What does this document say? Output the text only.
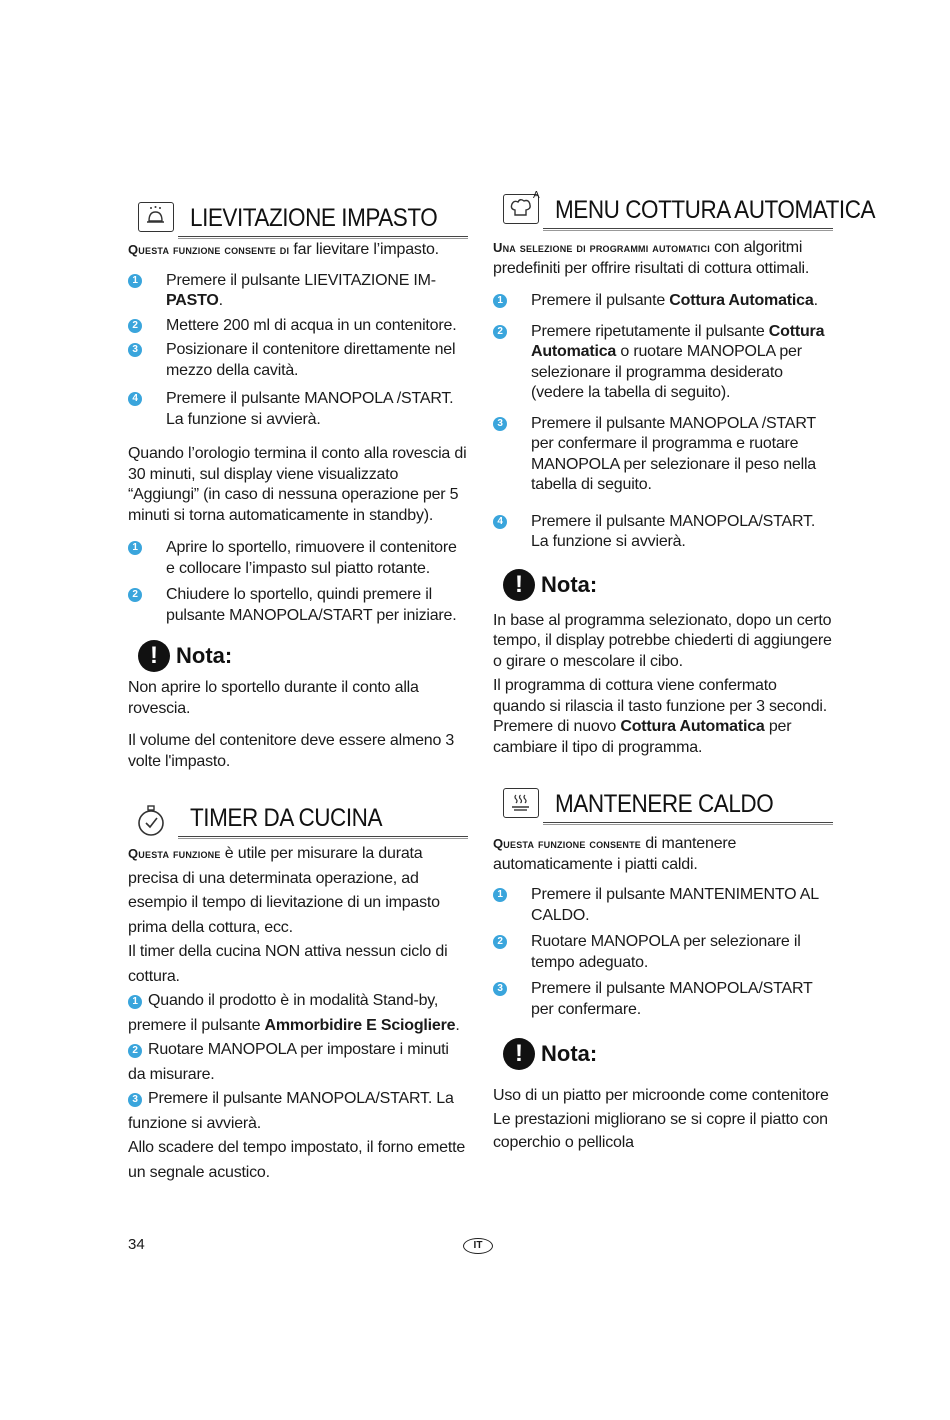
LIEVITAZIONE IMPASTO

Questa funzione consente di far lievitare l’impasto.

1 Premere il pulsante LIEVITAZIONE IM-
PASTO.
2 Mettere 200 ml di acqua in un contenitore.
3 Posizionare il contenitore direttamente nel mezzo della cavità.
4 Premere il pulsante MANOPOLA /START. La funzione si avvierà.

Quando l’orologio termina il conto alla rovescia di 30 minuti, sul display viene visualizzato “Aggiungi” (in caso di nessuna operazione per 5 minuti si torna automaticamente in standby).

1 Aprire lo sportello, rimuovere il contenitore e collocare l’impasto sul piatto rotante.
2 Chiudere lo sportello, quindi premere il pulsante MANOPOLA/START per iniziare.
! Nota:

Non aprire lo sportello durante il conto alla rovescia.

Il volume del contenitore deve essere almeno 3 volte l'impasto.

TIMER DA CUCINA

Questa funzione è utile per misurare la durata precisa di una determinata operazione, ad esempio il tempo di lievitazione di un impasto prima della cottura, ecc.

Il timer della cucina NON attiva nessun ciclo di cottura.

1 Quando il prodotto è in modalità Stand-by, premere il pulsante Ammorbidire E Sciogliere.

2 Ruotare MANOPOLA per impostare i minuti da misurare.

3 Premere il pulsante MANOPOLA/START. La funzione si avvierà.

Allo scadere del tempo impostato, il forno emette un segnale acustico.

A
MENU COTTURA AUTOMATICA

Una selezione di programmi automatici con algoritmi predefiniti per offrire risultati di cottura ottimali.

1 Premere il pulsante Cottura Automatica.
2 Premere ripetutamente il pulsante Cottura Automatica o ruotare MANOPOLA per selezionare il programma desiderato (vedere la tabella di seguito).
3 Premere il pulsante MANOPOLA /START per confermare il programma e ruotare MANOPOLA per selezionare il peso nella tabella di seguito.
4 Premere il pulsante MANOPOLA/START. La funzione si avvierà.
! Nota:

In base al programma selezionato, dopo un certo tempo, il display potrebbe chiederti di aggiungere o girare o mescolare il cibo.

Il programma di cottura viene confermato quando si rilascia il tasto funzione per 3 secondi. Premere di nuovo Cottura Automatica per cambiare il tipo di programma.

MANTENERE CALDO

Questa funzione consente di mantenere automaticamente i piatti caldi.

1 Premere il pulsante MANTENIMENTO AL CALDO.
2 Ruotare MANOPOLA per selezionare il tempo adeguato.
3 Premere il pulsante MANOPOLA/START per confermare.
! Nota:

Uso di un piatto per microonde come contenitore Le prestazioni migliorano se si copre il piatto con coperchio o pellicola

34	IT
